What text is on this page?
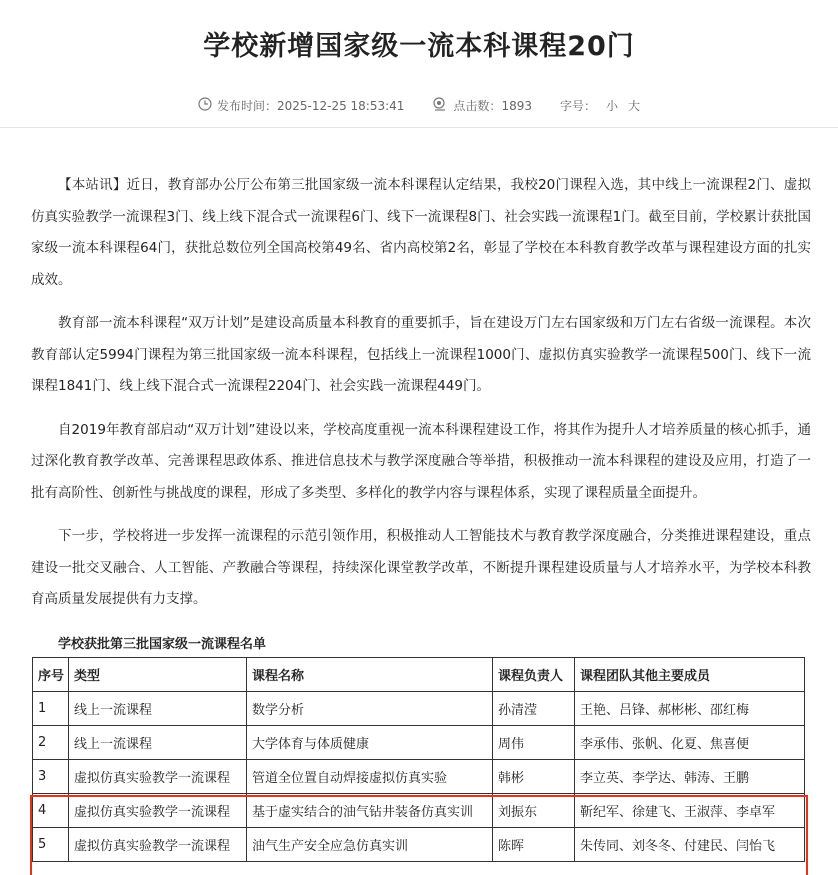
学校新增国家级一流本科课程20门
发布时间： 2025-12-25 18:53:41	点击数： 1893 字号： 小 大

【本站讯】近日，教育部办公厅公布第三批国家级一流本科课程认定结果，我校20门课程入选，其中线上一流课程2门、虚拟仿真实验教学一流课程3门、线上线下混合式一流课程6门、线下一流课程8门、社会实践一流课程1门。截至目前，学校累计获批国家级一流本科课程64门，获批总数位列全国高校第49名、省内高校第2名，彰显了学校在本科教育教学改革与课程建设方面的扎实成效。

教育部一流本科课程“双万计划”是建设高质量本科教育的重要抓手，旨在建设万门左右国家级和万门左右省级一流课程。本次教育部认定5994门课程为第三批国家级一流本科课程，包括线上一流课程1000门、虚拟仿真实验教学一流课程500门、线下一流课程1841门、线上线下混合式一流课程2204门、社会实践一流课程449门。

自2019年教育部启动“双万计划”建设以来，学校高度重视一流本科课程建设工作，将其作为提升人才培养质量的核心抓手，通过深化教育教学改革、完善课程思政体系、推进信息技术与教学深度融合等举措，积极推动一流本科课程的建设及应用，打造了一批有高阶性、创新性与挑战度的课程，形成了多类型、多样化的教学内容与课程体系，实现了课程质量全面提升。

下一步，学校将进一步发挥一流课程的示范引领作用，积极推动人工智能技术与教育教学深度融合，分类推进课程建设，重点建设一批交叉融合、人工智能、产教融合等课程，持续深化课堂教学改革，不断提升课程建设质量与人才培养水平，为学校本科教育高质量发展提供有力支撑。

学校获批第三批国家级一流课程名单
序号	类型	课程名称	课程负责人	课程团队其他主要成员
1	线上一流课程	数学分析	孙清滢	王艳、吕锋、郝彬彬、邵红梅
2	线上一流课程	大学体育与体质健康	周伟	李承伟、张帆、化夏、焦喜便
3	虚拟仿真实验教学一流课程	管道全位置自动焊接虚拟仿真实验	韩彬	李立英、李学达、韩涛、王鹏
4	虚拟仿真实验教学一流课程	基于虚实结合的油气钻井装备仿真实训	刘振东	靳纪军、徐建飞、王淑萍、李卓军
5	虚拟仿真实验教学一流课程	油气生产安全应急仿真实训	陈晖	朱传同、刘冬冬、付建民、闫怡飞
